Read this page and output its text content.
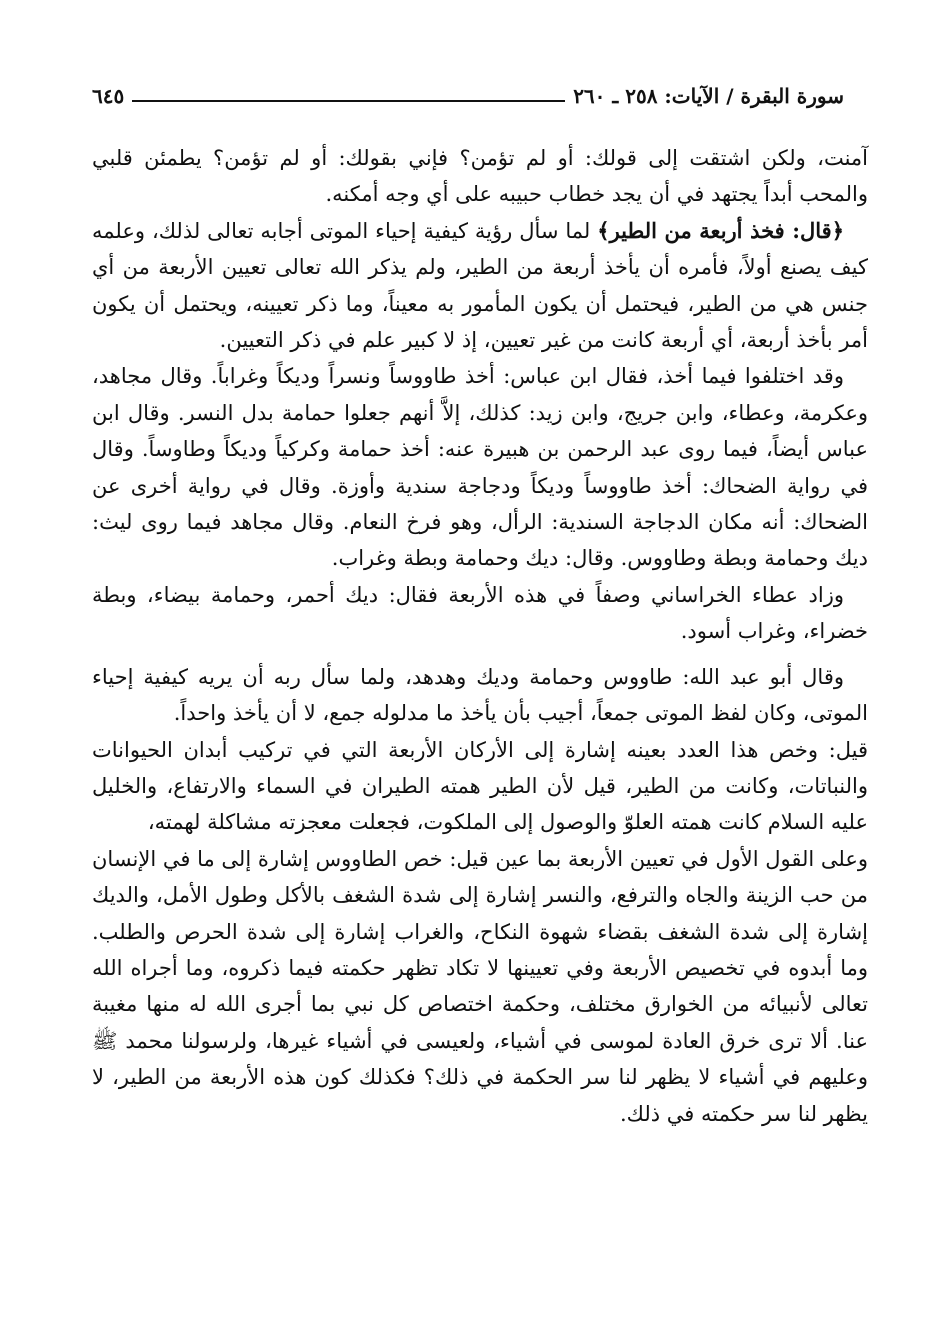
سورة البقرة / الآيات: ٢٥٨ ـ ٢٦٠
٦٤٥

آمنت، ولكن اشتقت إلى قولك: أو لم تؤمن؟ فإني بقولك: أو لم تؤمن؟ يطمئن قلبي والمحب أبداً يجتهد في أن يجد خطاب حبيبه على أي وجه أمكنه.

﴿قال: فخذ أربعة من الطير﴾ لما سأل رؤية كيفية إحياء الموتى أجابه تعالى لذلك، وعلمه كيف يصنع أولاً، فأمره أن يأخذ أربعة من الطير، ولم يذكر الله تعالى تعيين الأربعة من أي جنس هي من الطير، فيحتمل أن يكون المأمور به معيناً، وما ذكر تعيينه، ويحتمل أن يكون أمر بأخذ أربعة، أي أربعة كانت من غير تعيين، إذ لا كبير علم في ذكر التعيين.

وقد اختلفوا فيما أخذ، فقال ابن عباس: أخذ طاووساً ونسراً وديكاً وغراباً. وقال مجاهد، وعكرمة، وعطاء، وابن جريج، وابن زيد: كذلك، إلاَّ أنهم جعلوا حمامة بدل النسر. وقال ابن عباس أيضاً، فيما روى عبد الرحمن بن هبيرة عنه: أخذ حمامة وكركياً وديكاً وطاوساً. وقال في رواية الضحاك: أخذ طاووساً وديكاً ودجاجة سندية وأوزة. وقال في رواية أخرى عن الضحاك: أنه مكان الدجاجة السندية: الرأل، وهو فرخ النعام. وقال مجاهد فيما روى ليث: ديك وحمامة وبطة وطاووس. وقال: ديك وحمامة وبطة وغراب.

وزاد عطاء الخراساني وصفاً في هذه الأربعة فقال: ديك أحمر، وحمامة بيضاء، وبطة خضراء، وغراب أسود.

وقال أبو عبد الله: طاووس وحمامة وديك وهدهد، ولما سأل ربه أن يريه كيفية إحياء الموتى، وكان لفظ الموتى جمعاً، أجيب بأن يأخذ ما مدلوله جمع، لا أن يأخذ واحداً.

قيل: وخص هذا العدد بعينه إشارة إلى الأركان الأربعة التي في تركيب أبدان الحيوانات والنباتات، وكانت من الطير، قيل لأن الطير همته الطيران في السماء والارتفاع، والخليل عليه السلام كانت همته العلوّ والوصول إلى الملكوت، فجعلت معجزته مشاكلة لهمته،

وعلى القول الأول في تعيين الأربعة بما عين قيل: خص الطاووس إشارة إلى ما في الإنسان من حب الزينة والجاه والترفع، والنسر إشارة إلى شدة الشغف بالأكل وطول الأمل، والديك إشارة إلى شدة الشغف بقضاء شهوة النكاح، والغراب إشارة إلى شدة الحرص والطلب. وما أبدوه في تخصيص الأربعة وفي تعيينها لا تكاد تظهر حكمته فيما ذكروه، وما أجراه الله تعالى لأنبيائه من الخوارق مختلف، وحكمة اختصاص كل نبي بما أجرى الله له منها مغيبة عنا. ألا ترى خرق العادة لموسى في أشياء، ولعيسى في أشياء غيرها، ولرسولنا محمد ﷺ وعليهم في أشياء لا يظهر لنا سر الحكمة في ذلك؟ فكذلك كون هذه الأربعة من الطير، لا يظهر لنا سر حكمته في ذلك.
